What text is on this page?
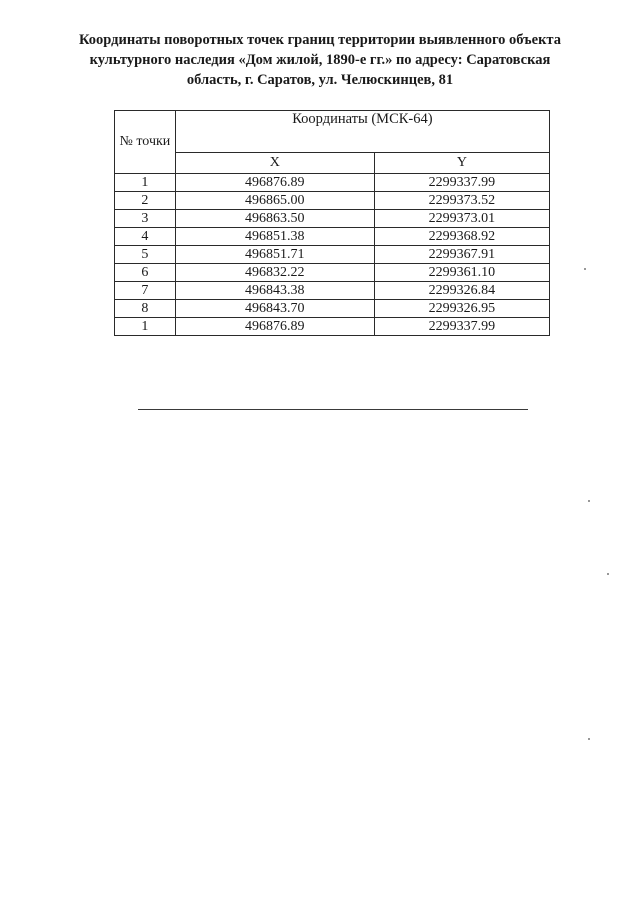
Координаты поворотных точек границ территории выявленного объекта
культурного наследия «Дом жилой, 1890-е гг.» по адресу: Саратовская
область, г. Саратов, ул. Челюскинцев, 81
№ точки	Координаты (МСК-64)	
	X	Y
1	496876.89	2299337.99
2	496865.00	2299373.52
3	496863.50	2299373.01
4	496851.38	2299368.92
5	496851.71	2299367.91
6	496832.22	2299361.10
7	496843.38	2299326.84
8	496843.70	2299326.95
1	496876.89	2299337.99
